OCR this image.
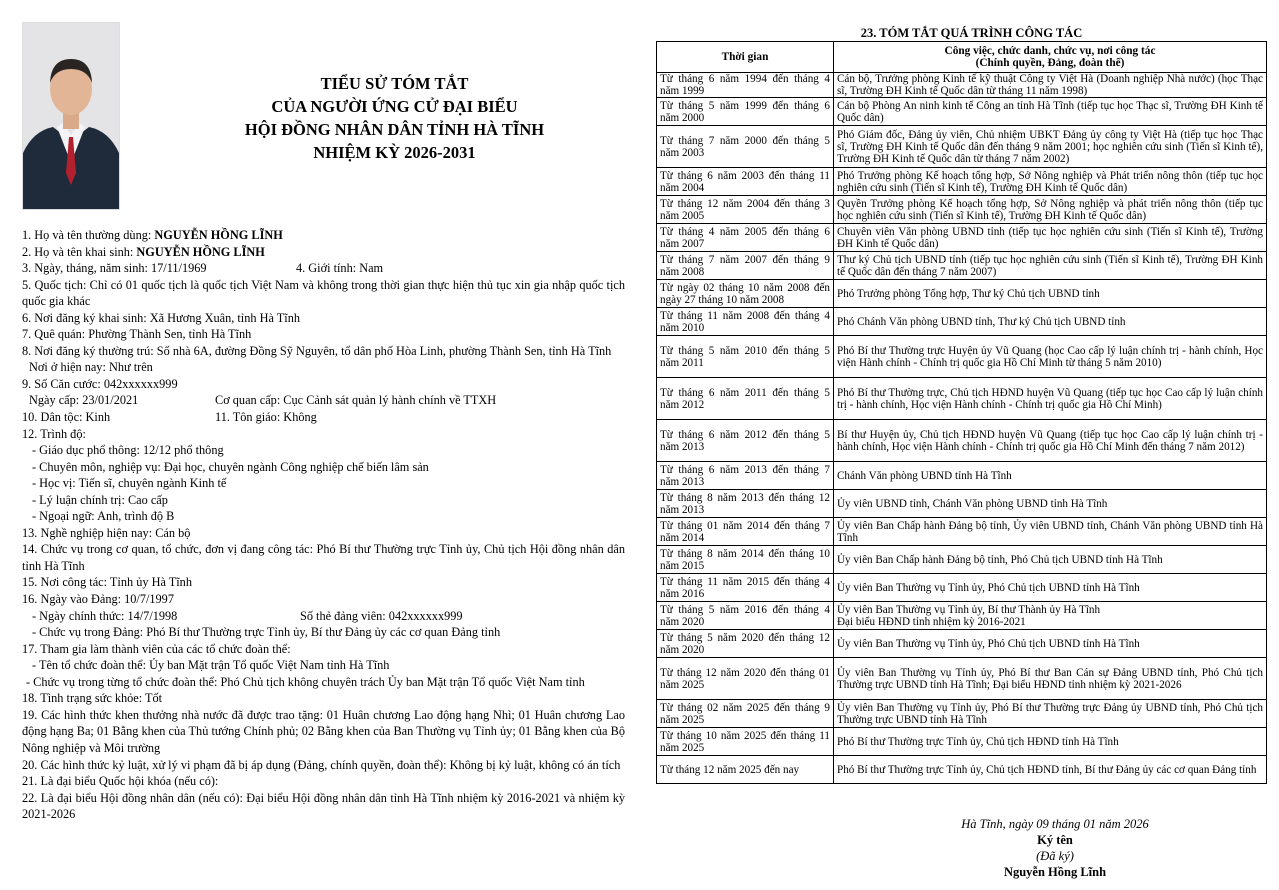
TIỂU SỬ TÓM TẮT
CỦA NGƯỜI ỨNG CỬ ĐẠI BIỂU
HỘI ĐỒNG NHÂN DÂN TỈNH HÀ TĨNH
NHIỆM KỲ 2026-2031

1. Họ và tên thường dùng: NGUYỄN HỒNG LĨNH

2. Họ và tên khai sinh: NGUYỄN HỒNG LĨNH

3. Ngày, tháng, năm sinh: 17/11/1969	4. Giới tính: Nam

5. Quốc tịch: Chỉ có 01 quốc tịch là quốc tịch Việt Nam và không trong thời gian thực hiện thủ tục xin gia nhập quốc tịch quốc gia khác

6. Nơi đăng ký khai sinh: Xã Hương Xuân, tỉnh Hà Tĩnh

7. Quê quán: Phường Thành Sen, tỉnh Hà Tĩnh

8. Nơi đăng ký thường trú: Số nhà 6A, đường Đồng Sỹ Nguyên, tổ dân phố Hòa Linh, phường Thành Sen, tỉnh Hà Tĩnh

Nơi ở hiện nay: Như trên

9. Số Căn cước: 042xxxxxx999

Ngày cấp: 23/01/2021	Cơ quan cấp: Cục Cảnh sát quản lý hành chính về TTXH

10. Dân tộc: Kinh	11. Tôn giáo: Không

12. Trình độ:

- Giáo dục phổ thông: 12/12 phổ thông

- Chuyên môn, nghiệp vụ: Đại học, chuyên ngành Công nghiệp chế biến lâm sản

- Học vị: Tiến sĩ, chuyên ngành Kinh tế

- Lý luận chính trị: Cao cấp

- Ngoại ngữ: Anh, trình độ B

13. Nghề nghiệp hiện nay: Cán bộ

14. Chức vụ trong cơ quan, tổ chức, đơn vị đang công tác: Phó Bí thư Thường trực Tỉnh ủy, Chủ tịch Hội đồng nhân dân tỉnh Hà Tĩnh

15. Nơi công tác: Tỉnh ủy Hà Tĩnh

16. Ngày vào Đảng: 10/7/1997

- Ngày chính thức: 14/7/1998	Số thẻ đảng viên: 042xxxxxx999

- Chức vụ trong Đảng: Phó Bí thư Thường trực Tỉnh ủy, Bí thư Đảng ủy các cơ quan Đảng tỉnh

17. Tham gia làm thành viên của các tổ chức đoàn thể:

- Tên tổ chức đoàn thể: Ủy ban Mặt trận Tổ quốc Việt Nam tỉnh Hà Tĩnh

- Chức vụ trong từng tổ chức đoàn thể: Phó Chủ tịch không chuyên trách Ủy ban Mặt trận Tổ quốc Việt Nam tỉnh

18. Tình trạng sức khỏe: Tốt

19. Các hình thức khen thưởng nhà nước đã được trao tặng: 01 Huân chương Lao động hạng Nhì; 01 Huân chương Lao động hạng Ba; 01 Bằng khen của Thủ tướng Chính phủ; 02 Bằng khen của Ban Thường vụ Tỉnh ủy; 01 Bằng khen của Bộ Nông nghiệp và Môi trường

20. Các hình thức kỷ luật, xử lý vi phạm đã bị áp dụng (Đảng, chính quyền, đoàn thể): Không bị kỷ luật, không có án tích

21. Là đại biểu Quốc hội khóa (nếu có):

22. Là đại biểu Hội đồng nhân dân (nếu có): Đại biểu Hội đồng nhân dân tỉnh Hà Tĩnh nhiệm kỳ 2016-2021 và nhiệm kỳ 2021-2026

23. TÓM TẮT QUÁ TRÌNH CÔNG TÁC
Thời gian	Công việc, chức danh, chức vụ, nơi công tác
(Chính quyền, Đảng, đoàn thể)

Từ tháng 6 năm 1994 đến tháng 4 năm 1999	Cán bộ, Trưởng phòng Kinh tế kỹ thuật Công ty Việt Hà (Doanh nghiệp Nhà nước) (học Thạc sĩ, Trường ĐH Kinh tế Quốc dân từ tháng 11 năm 1998)
Từ tháng 5 năm 1999 đến tháng 6 năm 2000	Cán bộ Phòng An ninh kinh tế Công an tỉnh Hà Tĩnh (tiếp tục học Thạc sĩ, Trường ĐH Kinh tế Quốc dân)
Từ tháng 7 năm 2000 đến tháng 5 năm 2003	Phó Giám đốc, Đảng ủy viên, Chủ nhiệm UBKT Đảng ủy công ty Việt Hà (tiếp tục học Thạc sĩ, Trường ĐH Kinh tế Quốc dân đến tháng 9 năm 2001; học nghiên cứu sinh (Tiến sĩ Kinh tế), Trường ĐH Kinh tế Quốc dân từ tháng 7 năm 2002)
Từ tháng 6 năm 2003 đến tháng 11 năm 2004	Phó Trưởng phòng Kế hoạch tổng hợp, Sở Nông nghiệp và Phát triển nông thôn (tiếp tục học nghiên cứu sinh (Tiến sĩ Kinh tế), Trường ĐH Kinh tế Quốc dân)
Từ tháng 12 năm 2004 đến tháng 3 năm 2005	Quyền Trưởng phòng Kế hoạch tổng hợp, Sở Nông nghiệp và phát triển nông thôn (tiếp tục học nghiên cứu sinh (Tiến sĩ Kinh tế), Trường ĐH Kinh tế Quốc dân)
Từ tháng 4 năm 2005 đến tháng 6 năm 2007	Chuyên viên Văn phòng UBND tỉnh (tiếp tục học nghiên cứu sinh (Tiến sĩ Kinh tế), Trường ĐH Kinh tế Quốc dân)
Từ tháng 7 năm 2007 đến tháng 9 năm 2008	Thư ký Chủ tịch UBND tỉnh (tiếp tục học nghiên cứu sinh (Tiến sĩ Kinh tế), Trường ĐH Kinh tế Quốc dân đến tháng 7 năm 2007)
Từ ngày 02 tháng 10 năm 2008 đến ngày 27 tháng 10 năm 2008	Phó Trưởng phòng Tổng hợp, Thư ký Chủ tịch UBND tỉnh
Từ tháng 11 năm 2008 đến tháng 4 năm 2010	Phó Chánh Văn phòng UBND tỉnh, Thư ký Chủ tịch UBND tỉnh
Từ tháng 5 năm 2010 đến tháng 5 năm 2011	Phó Bí thư Thường trực Huyện ủy Vũ Quang (học Cao cấp lý luận chính trị - hành chính, Học viện Hành chính - Chính trị quốc gia Hồ Chí Minh từ tháng 5 năm 2010)
Từ tháng 6 năm 2011 đến tháng 5 năm 2012	Phó Bí thư Thường trực, Chủ tịch HĐND huyện Vũ Quang (tiếp tục học Cao cấp lý luận chính trị - hành chính, Học viện Hành chính - Chính trị quốc gia Hồ Chí Minh)
Từ tháng 6 năm 2012 đến tháng 5 năm 2013	Bí thư Huyện ủy, Chủ tịch HĐND huyện Vũ Quang (tiếp tục học Cao cấp lý luận chính trị - hành chính, Học viện Hành chính - Chính trị quốc gia Hồ Chí Minh đến tháng 7 năm 2012)
Từ tháng 6 năm 2013 đến tháng 7 năm 2013	Chánh Văn phòng UBND tỉnh Hà Tĩnh
Từ tháng 8 năm 2013 đến tháng 12 năm 2013	Ủy viên UBND tỉnh, Chánh Văn phòng UBND tỉnh Hà Tĩnh
Từ tháng 01 năm 2014 đến tháng 7 năm 2014	Ủy viên Ban Chấp hành Đảng bộ tỉnh, Ủy viên UBND tỉnh, Chánh Văn phòng UBND tỉnh Hà Tĩnh
Từ tháng 8 năm 2014 đến tháng 10 năm 2015	Ủy viên Ban Chấp hành Đảng bộ tỉnh, Phó Chủ tịch UBND tỉnh Hà Tĩnh
Từ tháng 11 năm 2015 đến tháng 4 năm 2016	Ủy viên Ban Thường vụ Tỉnh ủy, Phó Chủ tịch UBND tỉnh Hà Tĩnh
Từ tháng 5 năm 2016 đến tháng 4 năm 2020	Ủy viên Ban Thường vụ Tỉnh ủy, Bí thư Thành ủy Hà Tĩnh
Đại biểu HĐND tỉnh nhiệm kỳ 2016-2021
Từ tháng 5 năm 2020 đến tháng 12 năm 2020	Ủy viên Ban Thường vụ Tỉnh ủy, Phó Chủ tịch UBND tỉnh Hà Tĩnh
Từ tháng 12 năm 2020 đến tháng 01 năm 2025	Ủy viên Ban Thường vụ Tỉnh ủy, Phó Bí thư Ban Cán sự Đảng UBND tỉnh, Phó Chủ tịch Thường trực UBND tỉnh Hà Tĩnh; Đại biểu HĐND tỉnh nhiệm kỳ 2021-2026
Từ tháng 02 năm 2025 đến tháng 9 năm 2025	Ủy viên Ban Thường vụ Tỉnh ủy, Phó Bí thư Thường trực Đảng ủy UBND tỉnh, Phó Chủ tịch Thường trực UBND tỉnh Hà Tĩnh
Từ tháng 10 năm 2025 đến tháng 11 năm 2025	Phó Bí thư Thường trực Tỉnh ủy, Chủ tịch HĐND tỉnh Hà Tĩnh
Từ tháng 12 năm 2025 đến nay	Phó Bí thư Thường trực Tỉnh ủy, Chủ tịch HĐND tỉnh, Bí thư Đảng ủy các cơ quan Đảng tỉnh
Hà Tĩnh, ngày 09 tháng 01 năm 2026
Ký tên
(Đã ký)
Nguyễn Hồng Lĩnh
